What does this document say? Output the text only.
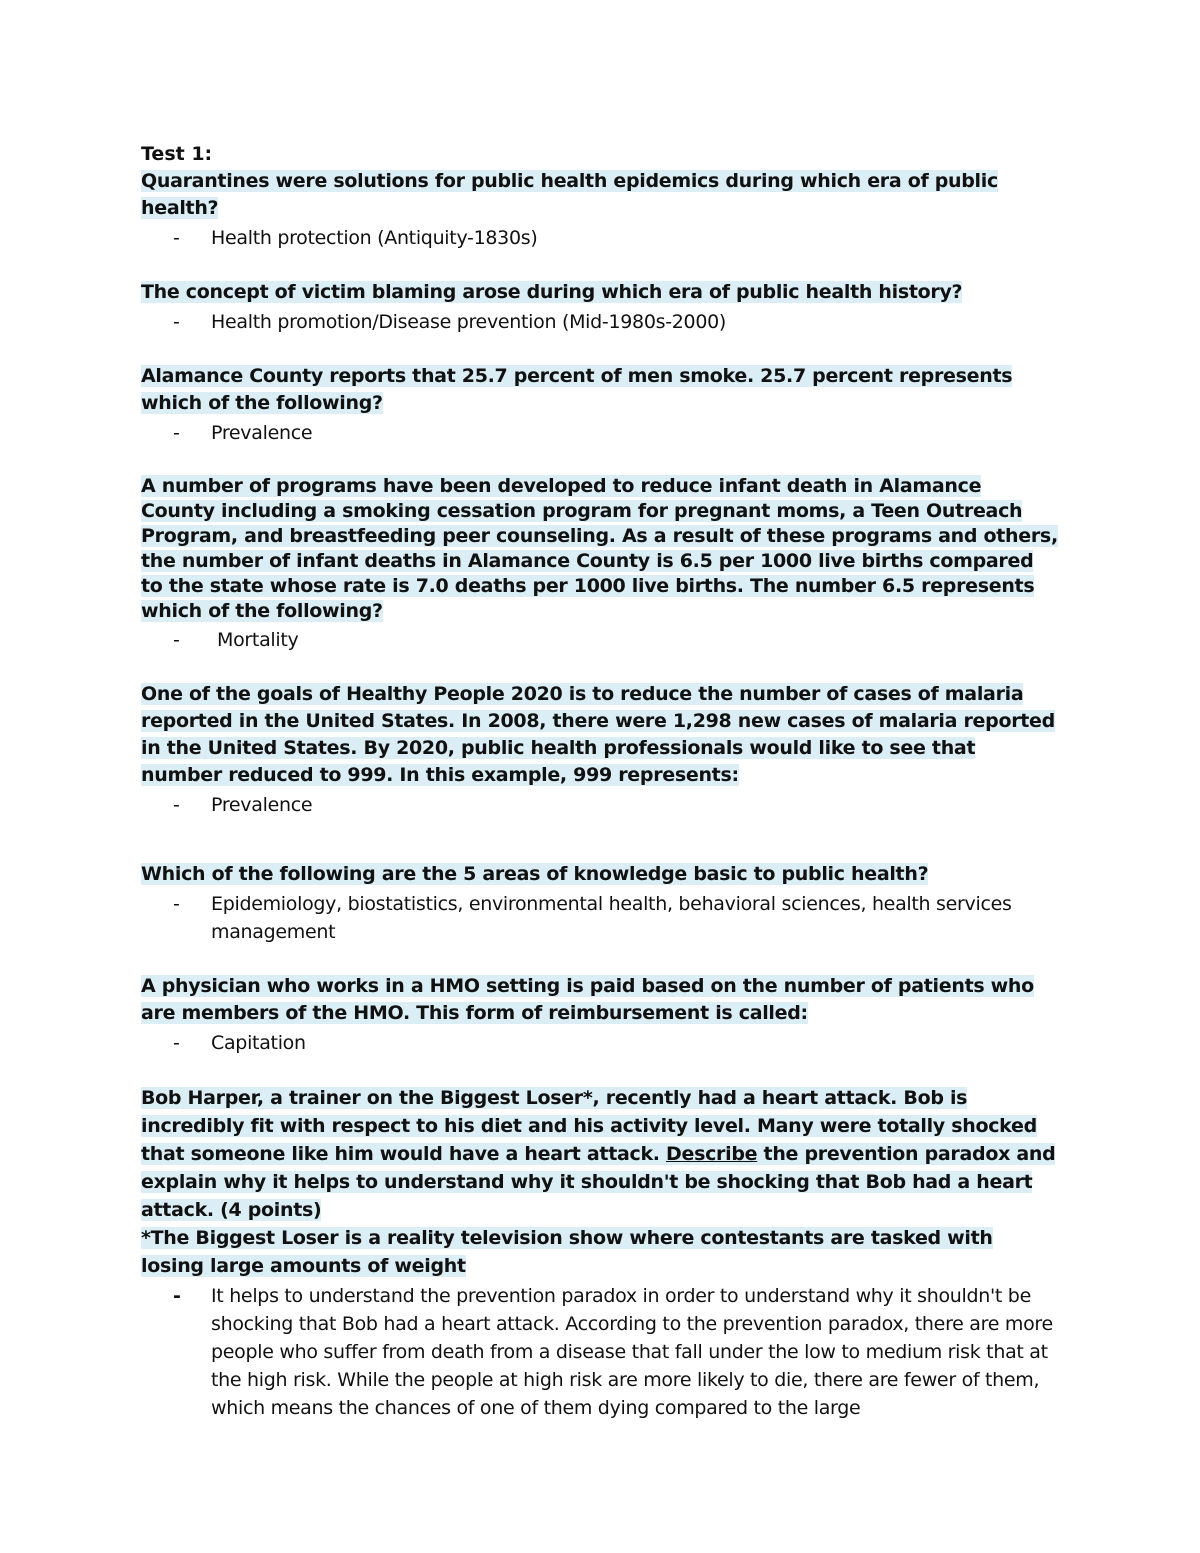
Test 1:

Quarantines were solutions for public health epidemics during which era of public health?

- Health protection (Antiquity-1830s)

The concept of victim blaming arose during which era of public health history?

- Health promotion/Disease prevention (Mid-1980s-2000)

Alamance County reports that 25.7 percent of men smoke. 25.7 percent represents which of the following?

- Prevalence

A number of programs have been developed to reduce infant death in Alamance County including a smoking cessation program for pregnant moms, a Teen Outreach Program, and breastfeeding peer counseling. As a result of these programs and others, the number of infant deaths in Alamance County is 6.5 per 1000 live births compared to the state whose rate is 7.0 deaths per 1000 live births. The number 6.5 represents which of the following?

- Mortality

One of the goals of Healthy People 2020 is to reduce the number of cases of malaria reported in the United States. In 2008, there were 1,298 new cases of malaria reported in the United States. By 2020, public health professionals would like to see that number reduced to 999. In this example, 999 represents:

- Prevalence

Which of the following are the 5 areas of knowledge basic to public health?

- Epidemiology, biostatistics, environmental health, behavioral sciences, health services management

A physician who works in a HMO setting is paid based on the number of patients who are members of the HMO. This form of reimbursement is called:

- Capitation

Bob Harper, a trainer on the Biggest Loser*, recently had a heart attack. Bob is incredibly fit with respect to his diet and his activity level. Many were totally shocked that someone like him would have a heart attack. Describe the prevention paradox and explain why it helps to understand why it shouldn't be shocking that Bob had a heart attack. (4 points)

*The Biggest Loser is a reality television show where contestants are tasked with losing large amounts of weight

- It helps to understand the prevention paradox in order to understand why it shouldn't be shocking that Bob had a heart attack. According to the prevention paradox, there are more people who suffer from death from a disease that fall under the low to medium risk that at the high risk. While the people at high risk are more likely to die, there are fewer of them, which means the chances of one of them dying compared to the large
